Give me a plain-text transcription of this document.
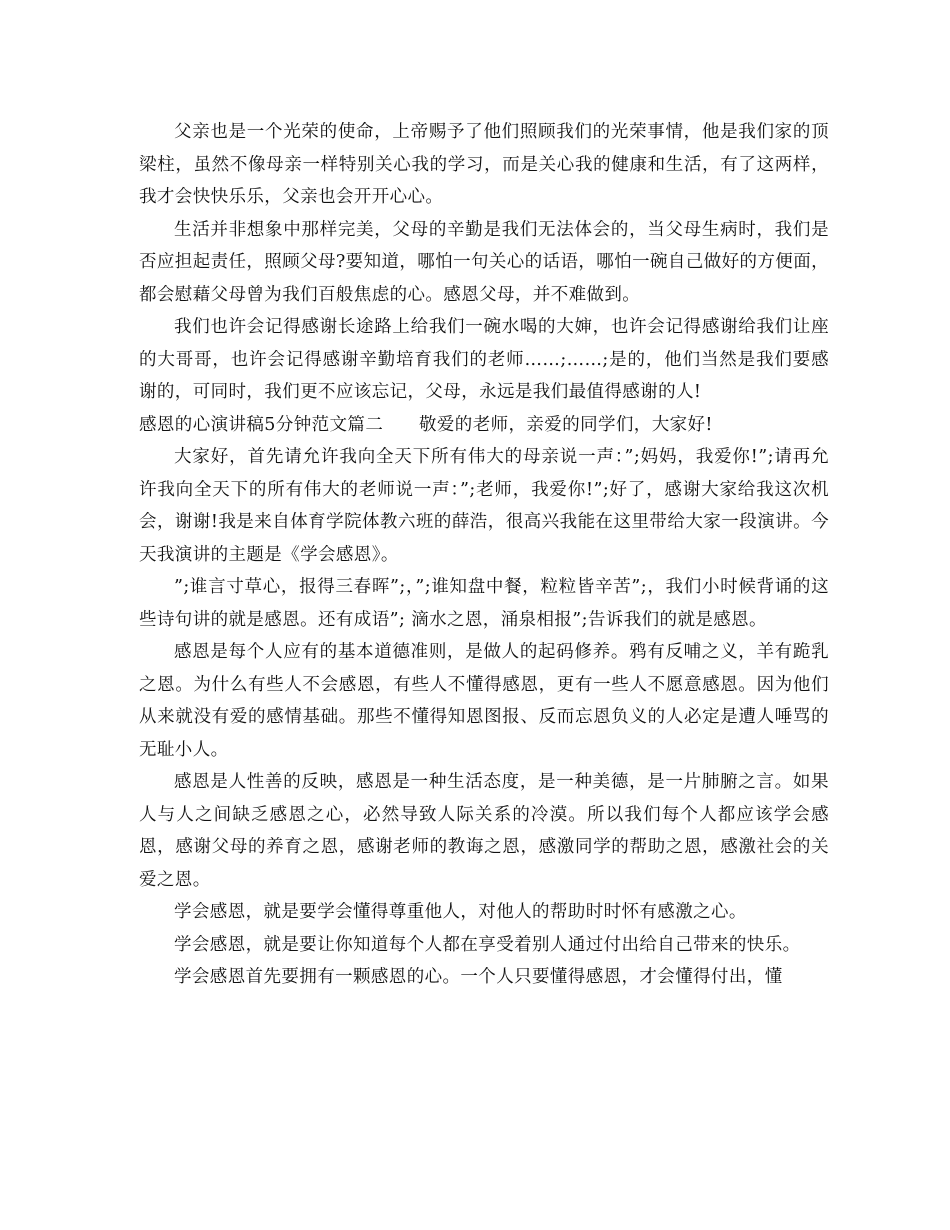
父亲也是一个光荣的使命，上帝赐予了他们照顾我们的光荣事情，他是我们家的顶梁柱，虽然不像母亲一样特别关心我的学习，而是关心我的健康和生活，有了这两样，我才会快快乐乐，父亲也会开开心心。

生活并非想象中那样完美，父母的辛勤是我们无法体会的，当父母生病时，我们是否应担起责任，照顾父母?要知道，哪怕一句关心的话语，哪怕一碗自己做好的方便面，都会慰藉父母曾为我们百般焦虑的心。感恩父母，并不难做到。

我们也许会记得感谢长途路上给我们一碗水喝的大婶，也许会记得感谢给我们让座的大哥哥，也许会记得感谢辛勤培育我们的老师……;……;是的，他们当然是我们要感谢的，可同时，我们更不应该忘记，父母，永远是我们最值得感谢的人!

感恩的心演讲稿5分钟范文篇二      敬爱的老师，亲爱的同学们，大家好!

大家好，首先请允许我向全天下所有伟大的母亲说一声：”;妈妈，我爱你!”;请再允许我向全天下的所有伟大的老师说一声：”;老师，我爱你!”;好了，感谢大家给我这次机会，谢谢!我是来自体育学院体教六班的薛浩，很高兴我能在这里带给大家一段演讲。今天我演讲的主题是《学会感恩》。

”;谁言寸草心，报得三春晖”;，”;谁知盘中餐，粒粒皆辛苦”;，我们小时候背诵的这些诗句讲的就是感恩。还有成语”; 滴水之恩，涌泉相报”;告诉我们的就是感恩。

感恩是每个人应有的基本道德准则，是做人的起码修养。鸦有反哺之义，羊有跪乳之恩。为什么有些人不会感恩，有些人不懂得感恩，更有一些人不愿意感恩。因为他们从来就没有爱的感情基础。那些不懂得知恩图报、反而忘恩负义的人必定是遭人唾骂的无耻小人。

感恩是人性善的反映，感恩是一种生活态度，是一种美德，是一片肺腑之言。如果人与人之间缺乏感恩之心，必然导致人际关系的冷漠。所以我们每个人都应该学会感恩，感谢父母的养育之恩，感谢老师的教诲之恩，感激同学的帮助之恩，感激社会的关爱之恩。

学会感恩，就是要学会懂得尊重他人，对他人的帮助时时怀有感激之心。

学会感恩，就是要让你知道每个人都在享受着别人通过付出给自己带来的快乐。

学会感恩首先要拥有一颗感恩的心。一个人只要懂得感恩，才会懂得付出，懂
